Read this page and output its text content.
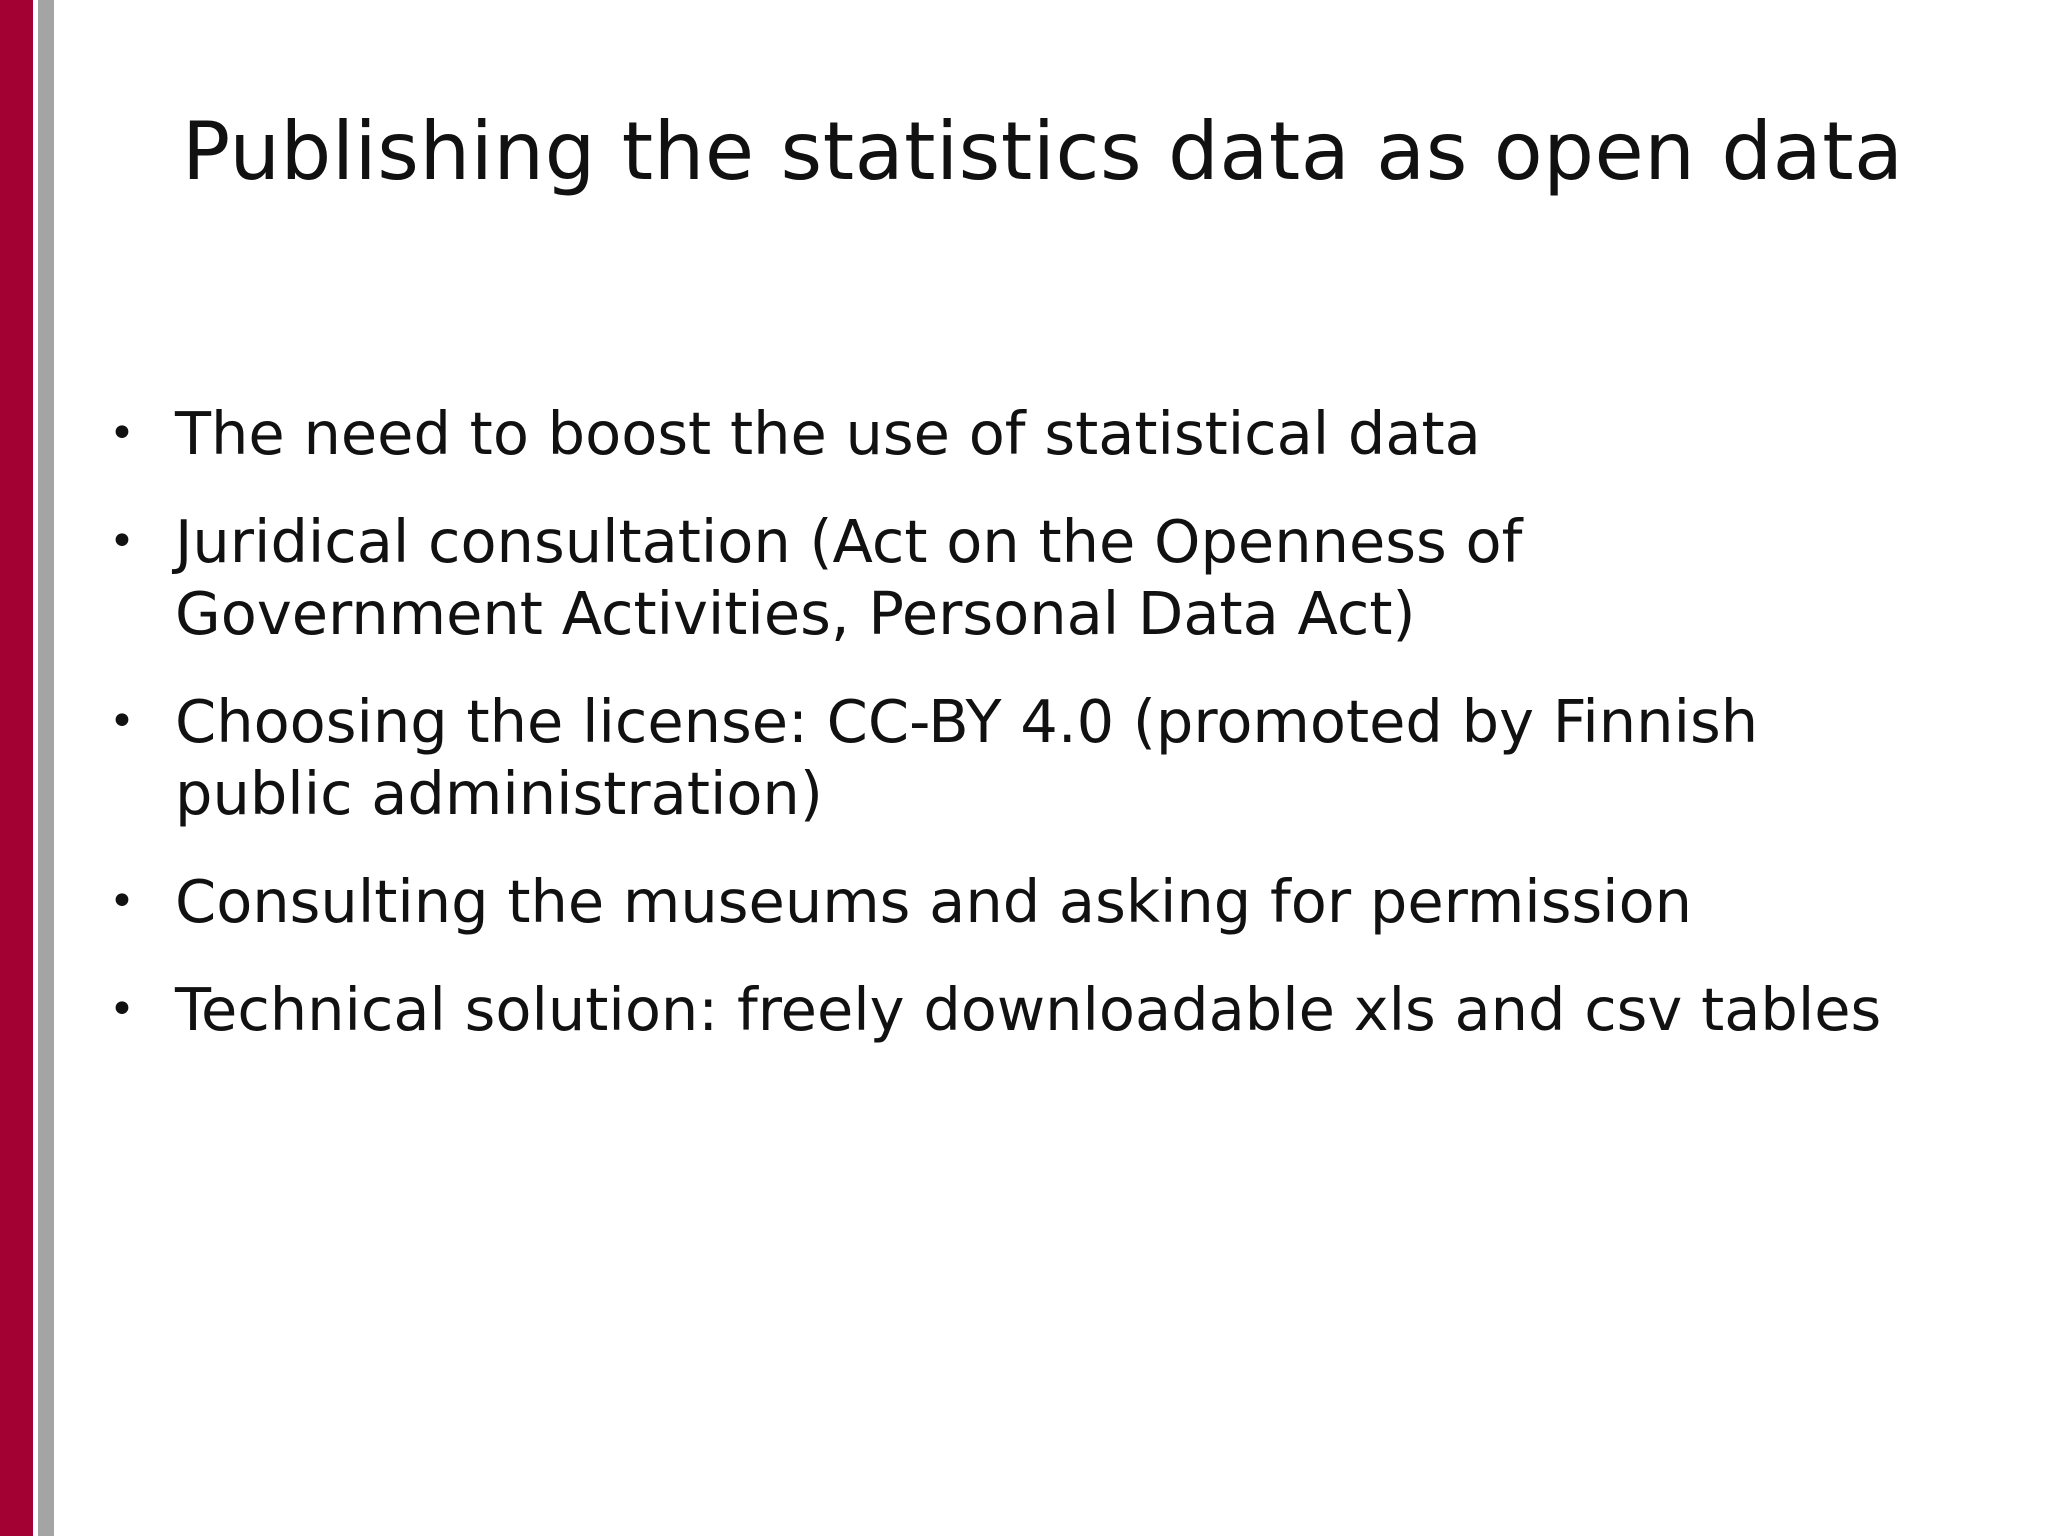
Publishing the statistics data as open data
• The need to boost the use of statistical data
• Juridical consultation (Act on the Openness of
Government Activities, Personal Data Act)
• Choosing the license: CC-BY 4.0 (promoted by Finnish
public administration)
• Consulting the museums and asking for permission
• Technical solution: freely downloadable xls and csv tables
